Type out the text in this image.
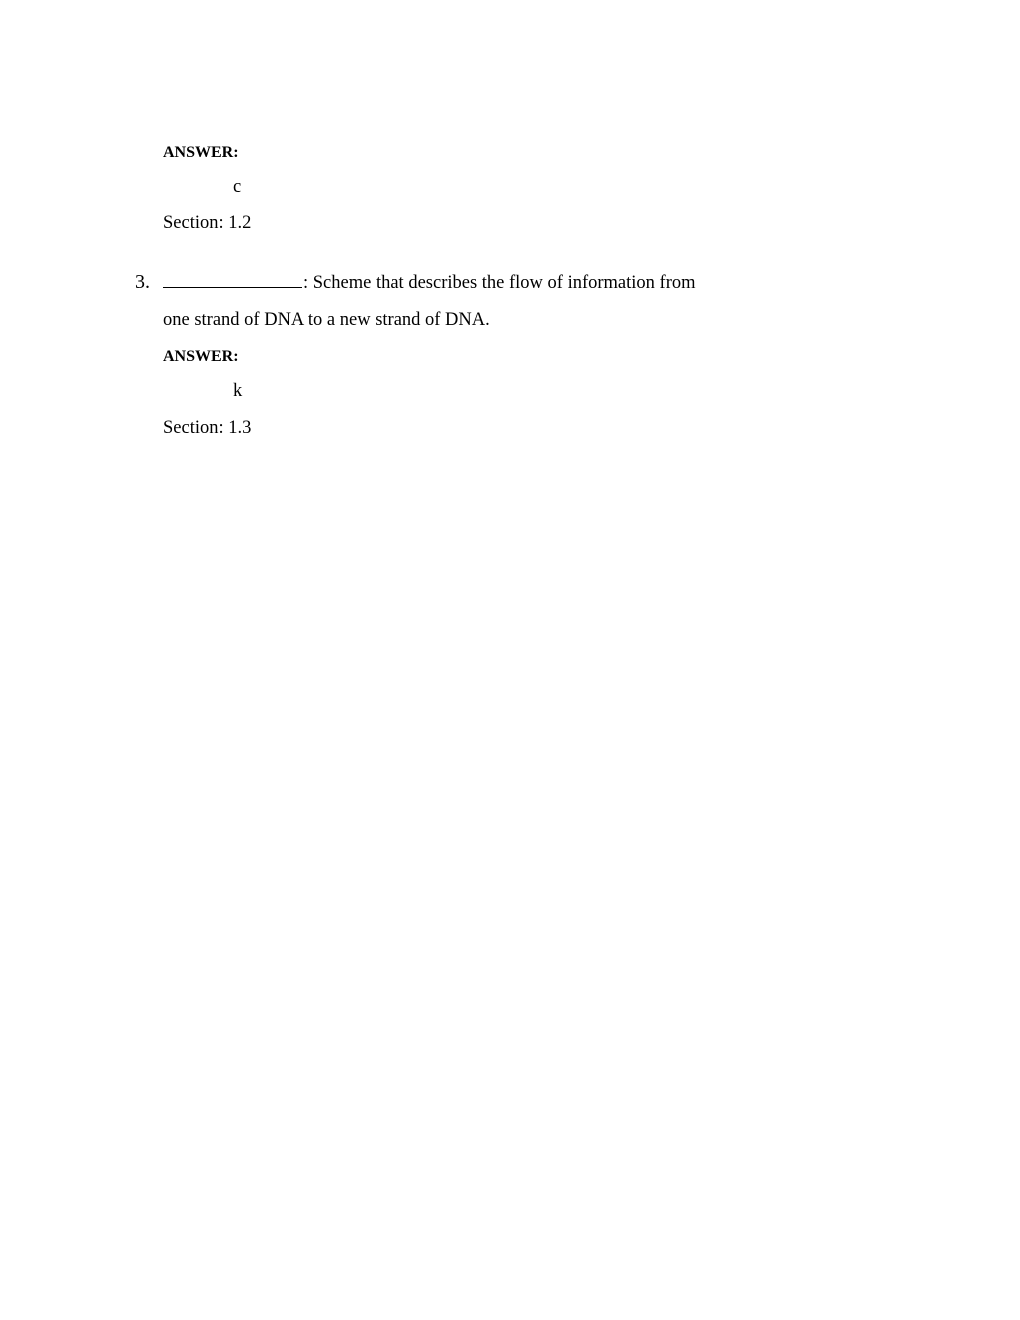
ANSWER:
c
Section: 1.2
3.	: Scheme that describes the flow of information from
one strand of DNA to a new strand of DNA.
ANSWER:
k
Section: 1.3
